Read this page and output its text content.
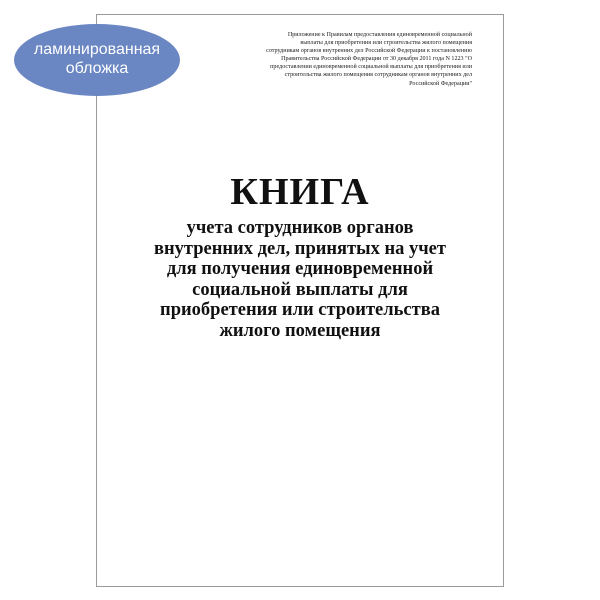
Приложение к Правилам предоставления единовременной социальной
выплаты для приобретения или строительства жилого помещения
сотрудникам органов внутренних дел Российской Федерации к постановлению
Правительства Российской Федерации от 30 декабря 2011 года N 1223 "О
предоставлении единовременной социальной выплаты для приобретения или
строительства жилого помещения сотрудникам органов внутренних дел
Российской Федерации"
ламинированная
обложка
КНИГА
учета сотрудников органов
внутренних дел, принятых на учет
для получения единовременной
социальной выплаты для
приобретения или строительства
жилого помещения
